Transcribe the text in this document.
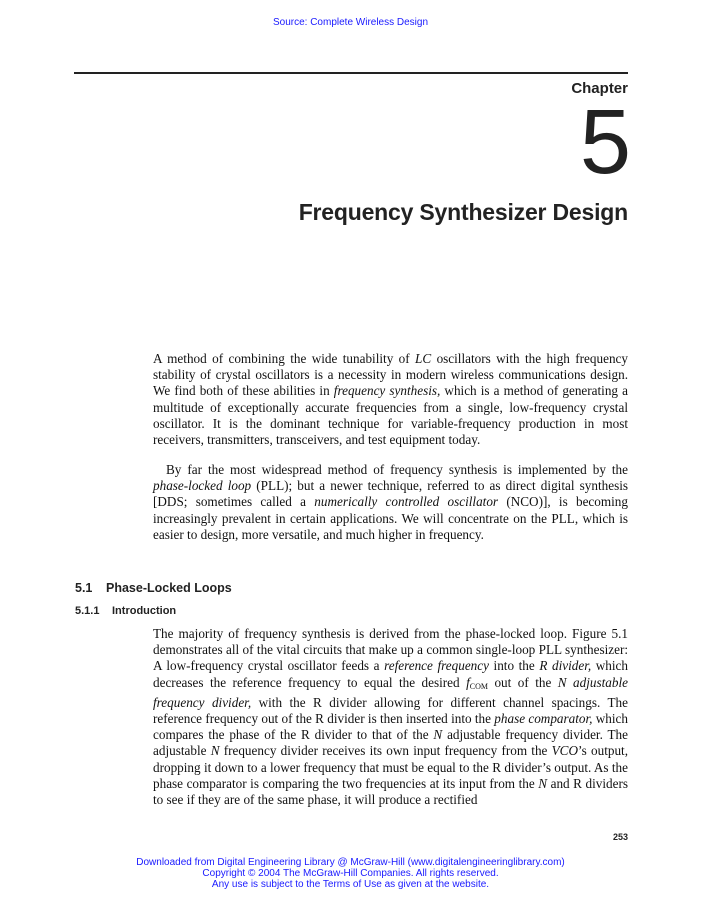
Source: Complete Wireless Design
Chapter
5
Frequency Synthesizer Design

A method of combining the wide tunability of LC oscillators with the high frequency stability of crystal oscillators is a necessity in modern wireless communications design. We find both of these abilities in frequency synthesis, which is a method of generating a multitude of exceptionally accurate frequencies from a single, low-frequency crystal oscillator. It is the dominant technique for variable-frequency production in most receivers, transmitters, transceivers, and test equipment today.

By far the most widespread method of frequency synthesis is implemented by the phase-locked loop (PLL); but a newer technique, referred to as direct digital synthesis [DDS; sometimes called a numerically controlled oscillator (NCO)], is becoming increasingly prevalent in certain applications. We will concentrate on the PLL, which is easier to design, more versatile, and much higher in frequency.

5.1 Phase-Locked Loops
5.1.1 Introduction

The majority of frequency synthesis is derived from the phase-locked loop. Figure 5.1 demonstrates all of the vital circuits that make up a common single-loop PLL synthesizer: A low-frequency crystal oscillator feeds a reference frequency into the R divider, which decreases the reference frequency to equal the desired $f_{COM}$ out of the N adjustable frequency divider, with the R divider allowing for different channel spacings. The reference frequency out of the R divider is then inserted into the phase comparator, which compares the phase of the R divider to that of the N adjustable frequency divider. The adjustable N frequency divider receives its own input frequency from the VCO’s output, dropping it down to a lower frequency that must be equal to the R divider’s output. As the phase comparator is comparing the two frequencies at its input from the N and R dividers to see if they are of the same phase, it will produce a rectified

253
Downloaded from Digital Engineering Library @ McGraw-Hill (www.digitalengineeringlibrary.com)
Copyright © 2004 The McGraw-Hill Companies. All rights reserved.
Any use is subject to the Terms of Use as given at the website.
